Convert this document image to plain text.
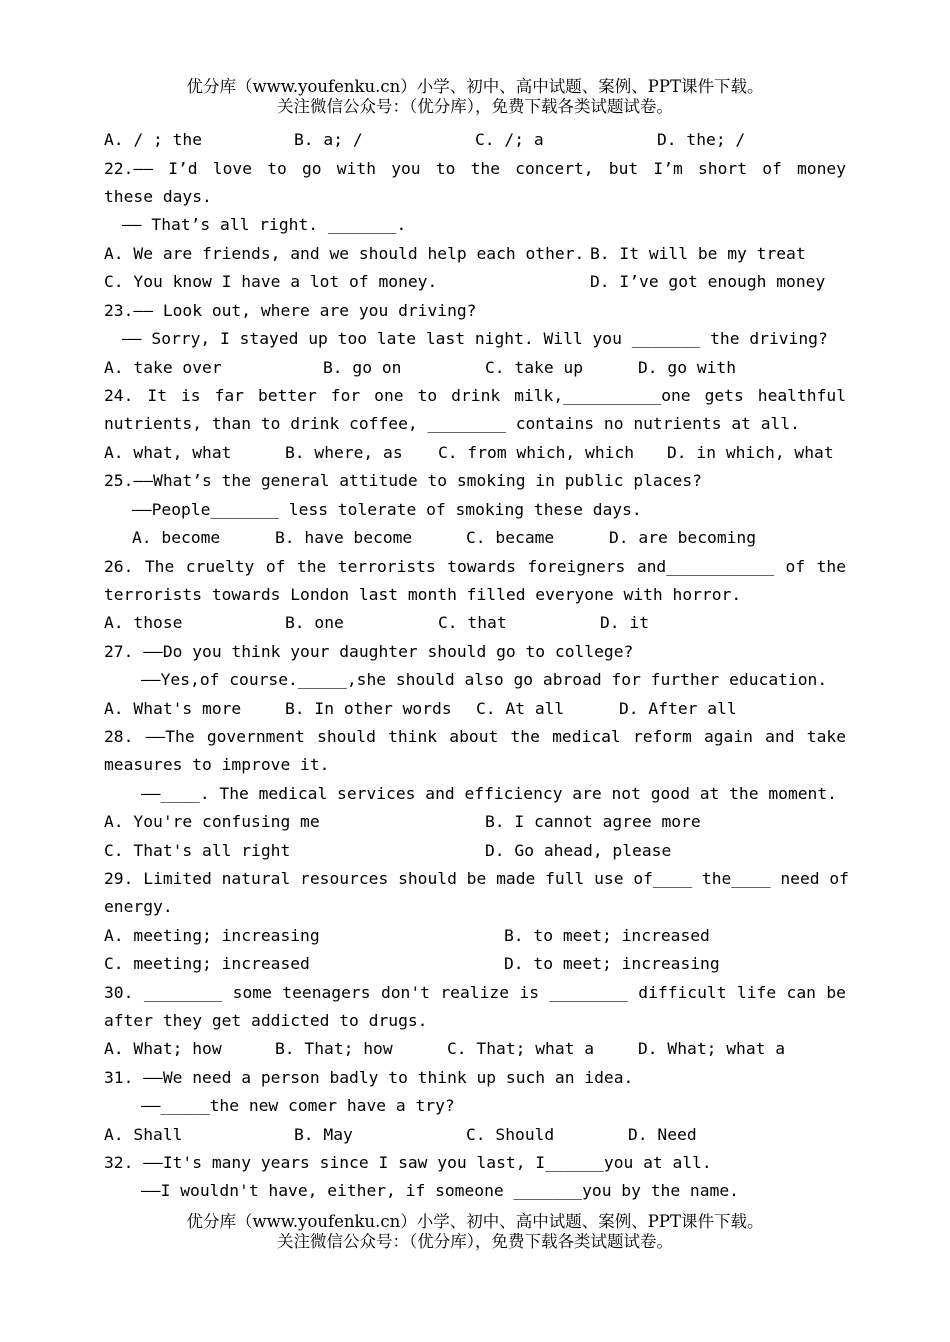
优分库（www.youfenku.cn）小学、初中、高中试题、案例、PPT课件下载。
关注微信公众号：（优分库），免费下载各类试题试卷。

A. / ; the

	B. a; /

	C. /; a

	D. the; /

22.—— I’d love to go with you to the concert, but I’m short of money
these days.
—— That’s all right. _______.

A. We are friends, and we should help each other.

B. It will be my treat

C. You know I have a lot of money.

	D. I’ve got enough money

23.—— Look out, where are you driving?
—— Sorry, I stayed up too late last night. Will you _______ the driving?

A. take over

	B. go on

	C. take up

	D. go with

24. It is far better for one to drink milk,__________one gets healthful
nutrients, than to drink coffee, ________ contains no nutrients at all.

A. what, what

	B. where, as

C. from which, which

D. in which, what

25.——What’s the general attitude to smoking in public places?
——People_______ less tolerate of smoking these days.

A. become

	B. have become

	C. became

	D. are becoming

26. The cruelty of the terrorists towards foreigners and___________ of the
terrorists towards London last month filled everyone with horror.

A. those

	B. one

	C. that

	D. it

27. ——Do you think your daughter should go to college?
——Yes,of course._____,she should also go abroad for further education.

A. What's more

	B. In other words

C. At all

	D. After all

28. ——The government should think about the medical reform again and take
measures to improve it.
——____. The medical services and efficiency are not good at the moment.

A. You're confusing me

	B. I cannot agree more

C. That's all right

	D. Go ahead, please

29. Limited natural resources should be made full use of____ the____ need of
energy.

A. meeting; increasing

	B. to meet; increased

C. meeting; increased

	D. to meet; increasing

30. ________ some teenagers don't realize is ________ difficult life can be
after they get addicted to drugs.

A. What; how

	B. That; how

	C. That; what a

	D. What; what a

31. ——We need a person badly to think up such an idea.
——_____the new comer have a try?

A. Shall

	B. May

	C. Should

	D. Need

32. ——It's many years since I saw you last, I______you at all.
——I wouldn't have, either, if someone _______you by the name.
优分库（www.youfenku.cn）小学、初中、高中试题、案例、PPT课件下载。
关注微信公众号：（优分库），免费下载各类试题试卷。
